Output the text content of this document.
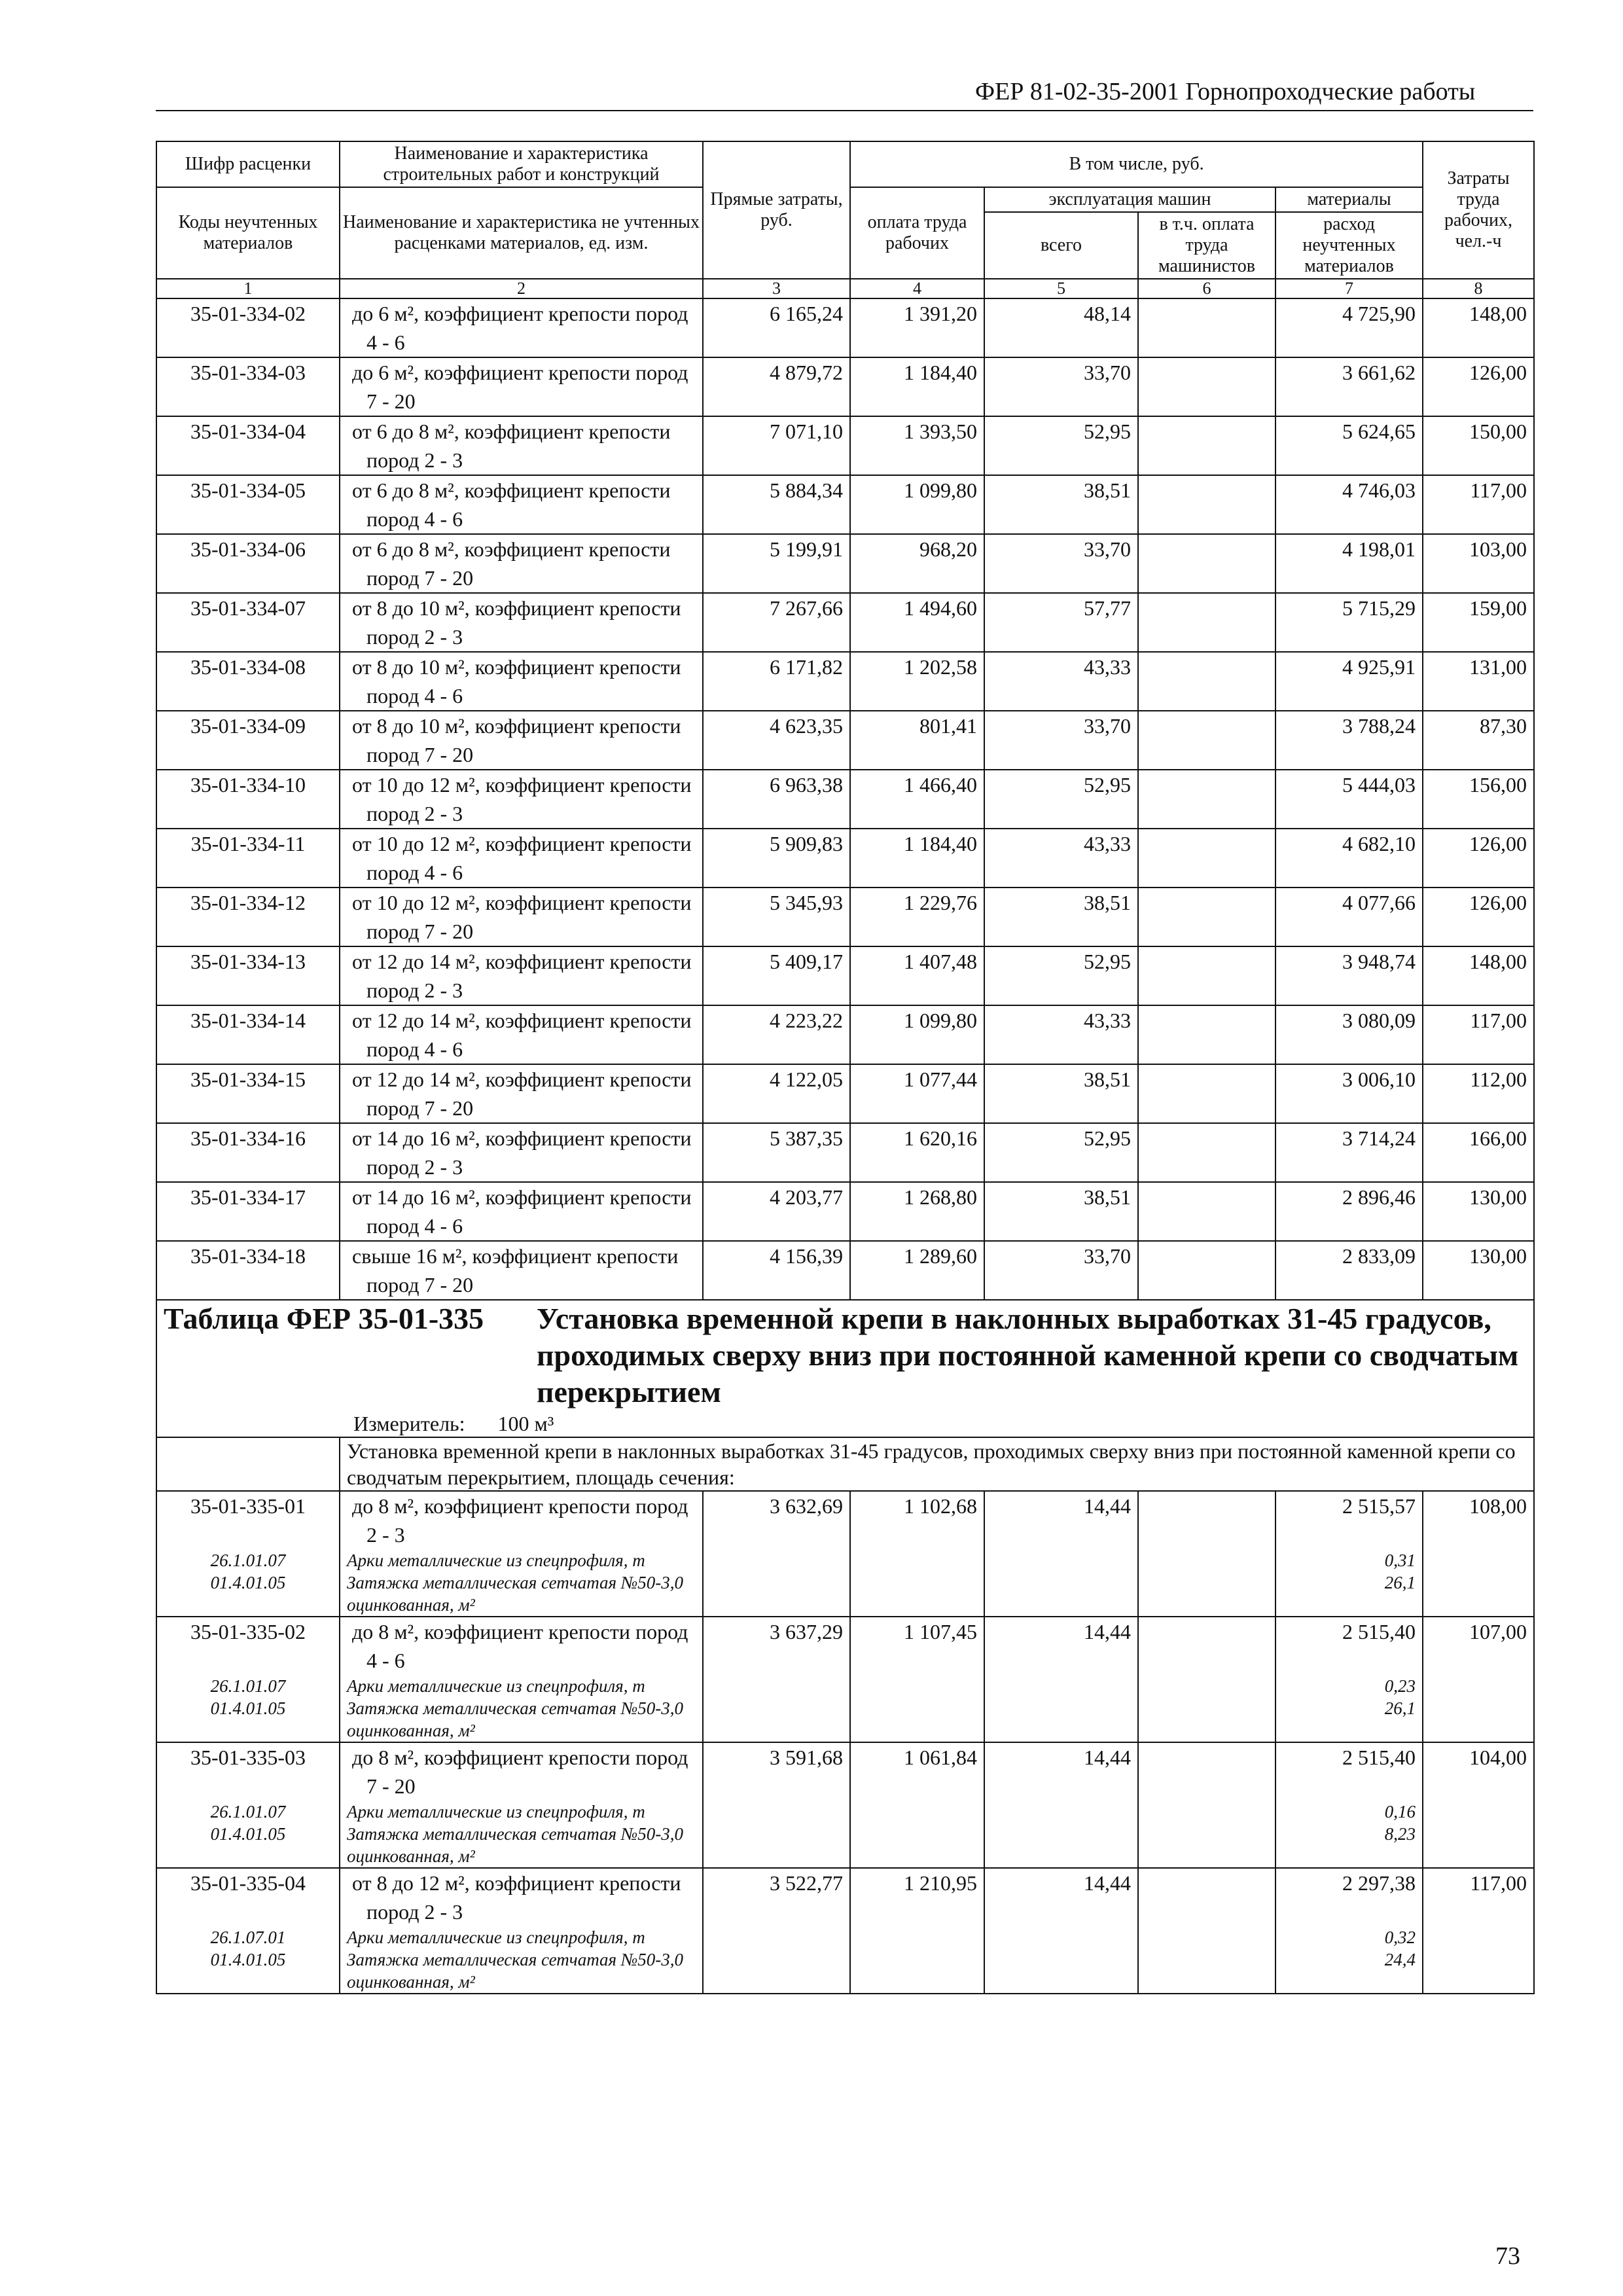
ФЕР 81-02-35-2001 Горнопроходческие работы
Шифр расценки	Наименование и характеристика строительных работ и конструкций	Прямые затраты, руб.	В том числе, руб.				Затраты труда рабочих, чел.-ч
Коды неучтенных материалов	Наименование и характеристика не учтенных расценками материалов, ед. изм.		оплата труда рабочих	эксплуатация машин		материалы	
				всего	в т.ч. оплата труда машинистов	расход неучтенных материалов	
1	2	3	4	5	6	7	8
35-01-334-02	до 6 м², коэффициент крепости пород 4 - 6	6 165,24	1 391,20	48,14		4 725,90	148,00
35-01-334-03	до 6 м², коэффициент крепости пород 7 - 20	4 879,72	1 184,40	33,70		3 661,62	126,00
35-01-334-04	от 6 до 8 м², коэффициент крепости пород 2 - 3	7 071,10	1 393,50	52,95		5 624,65	150,00
35-01-334-05	от 6 до 8 м², коэффициент крепости пород 4 - 6	5 884,34	1 099,80	38,51		4 746,03	117,00
35-01-334-06	от 6 до 8 м², коэффициент крепости пород 7 - 20	5 199,91	968,20	33,70		4 198,01	103,00
35-01-334-07	от 8 до 10 м², коэффициент крепости пород 2 - 3	7 267,66	1 494,60	57,77		5 715,29	159,00
35-01-334-08	от 8 до 10 м², коэффициент крепости пород 4 - 6	6 171,82	1 202,58	43,33		4 925,91	131,00
35-01-334-09	от 8 до 10 м², коэффициент крепости пород 7 - 20	4 623,35	801,41	33,70		3 788,24	87,30
35-01-334-10	от 10 до 12 м², коэффициент крепости пород 2 - 3	6 963,38	1 466,40	52,95		5 444,03	156,00
35-01-334-11	от 10 до 12 м², коэффициент крепости пород 4 - 6	5 909,83	1 184,40	43,33		4 682,10	126,00
35-01-334-12	от 10 до 12 м², коэффициент крепости пород 7 - 20	5 345,93	1 229,76	38,51		4 077,66	126,00
35-01-334-13	от 12 до 14 м², коэффициент крепости пород 2 - 3	5 409,17	1 407,48	52,95		3 948,74	148,00
35-01-334-14	от 12 до 14 м², коэффициент крепости пород 4 - 6	4 223,22	1 099,80	43,33		3 080,09	117,00
35-01-334-15	от 12 до 14 м², коэффициент крепости пород 7 - 20	4 122,05	1 077,44	38,51		3 006,10	112,00
35-01-334-16	от 14 до 16 м², коэффициент крепости пород 2 - 3	5 387,35	1 620,16	52,95		3 714,24	166,00
35-01-334-17	от 14 до 16 м², коэффициент крепости пород 4 - 6	4 203,77	1 268,80	38,51		2 896,46	130,00
35-01-334-18	свыше 16 м², коэффициент крепости пород 7 - 20	4 156,39	1 289,60	33,70		2 833,09	130,00

Таблица ФЕР 35-01-335 Установка временной крепи в наклонных выработках 31-45 градусов, проходимых сверху вниз при постоянной каменной крепи со сводчатым перекрытием
Измеритель: 100 м³							

	Установка временной крепи в наклонных выработках 31-45 градусов, проходимых сверху вниз при постоянной каменной крепи со сводчатым перекрытием, площадь сечения:						
35-01-335-01	до 8 м², коэффициент крепости пород 2 - 3	3 632,69	1 102,68	14,44		2 515,57	108,00
26.1.01.07	Арки металлические из спецпрофиля, т					0,31	
01.4.01.05	Затяжка металлическая сетчатая №50-3,0 оцинкованная, м²					26,1	
35-01-335-02	до 8 м², коэффициент крепости пород 4 - 6	3 637,29	1 107,45	14,44		2 515,40	107,00
26.1.01.07	Арки металлические из спецпрофиля, т					0,23	
01.4.01.05	Затяжка металлическая сетчатая №50-3,0 оцинкованная, м²					26,1	
35-01-335-03	до 8 м², коэффициент крепости пород 7 - 20	3 591,68	1 061,84	14,44		2 515,40	104,00
26.1.01.07	Арки металлические из спецпрофиля, т					0,16	
01.4.01.05	Затяжка металлическая сетчатая №50-3,0 оцинкованная, м²					8,23	
35-01-335-04	от 8 до 12 м², коэффициент крепости пород 2 - 3	3 522,77	1 210,95	14,44		2 297,38	117,00
26.1.07.01	Арки металлические из спецпрофиля, т					0,32	
01.4.01.05	Затяжка металлическая сетчатая №50-3,0 оцинкованная, м²					24,4	
73
